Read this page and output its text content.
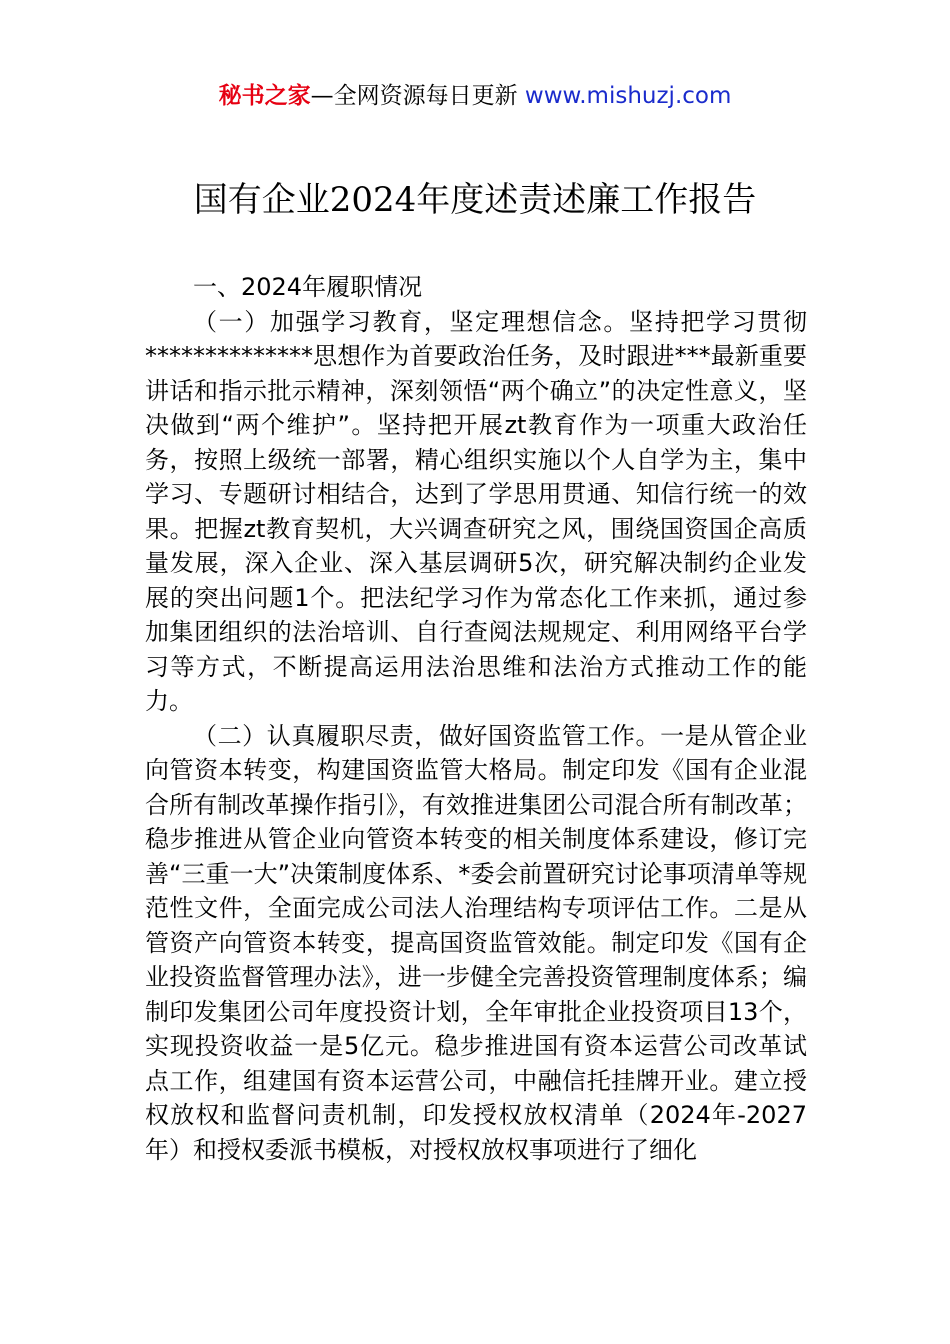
秘书之家—全网资源每日更新 www.mishuzj.com
国有企业2024年度述责述廉工作报告
一、2024年履职情况

（一）加强学习教育，坚定理想信念。坚持把学习贯彻**************思想作为首要政治任务，及时跟进***最新重要讲话和指示批示精神，深刻领悟“两个确立”的决定性意义，坚决做到“两个维护”。坚持把开展zt教育作为一项重大政治任务，按照上级统一部署，精心组织实施以个人自学为主，集中学习、专题研讨相结合，达到了学思用贯通、知信行统一的效果。把握zt教育契机，大兴调查研究之风，围绕国资国企高质量发展，深入企业、深入基层调研5次，研究解决制约企业发展的突出问题1个。把法纪学习作为常态化工作来抓，通过参加集团组织的法治培训、自行查阅法规规定、利用网络平台学习等方式，不断提高运用法治思维和法治方式推动工作的能力。

（二）认真履职尽责，做好国资监管工作。一是从管企业向管资本转变，构建国资监管大格局。制定印发《国有企业混合所有制改革操作指引》，有效推进集团公司混合所有制改革；稳步推进从管企业向管资本转变的相关制度体系建设，修订完善“三重一大”决策制度体系、*委会前置研究讨论事项清单等规范性文件，全面完成公司法人治理结构专项评估工作。二是从管资产向管资本转变，提高国资监管效能。制定印发《国有企业投资监督管理办法》，进一步健全完善投资管理制度体系；编制印发集团公司年度投资计划，全年审批企业投资项目13个，实现投资收益一是5亿元。稳步推进国有资本运营公司改革试点工作，组建国有资本运营公司，中融信托挂牌开业。建立授权放权和监督问责机制，印发授权放权清单（2024年-2027年）和授权委派书模板，对授权放权事项进行了细化
